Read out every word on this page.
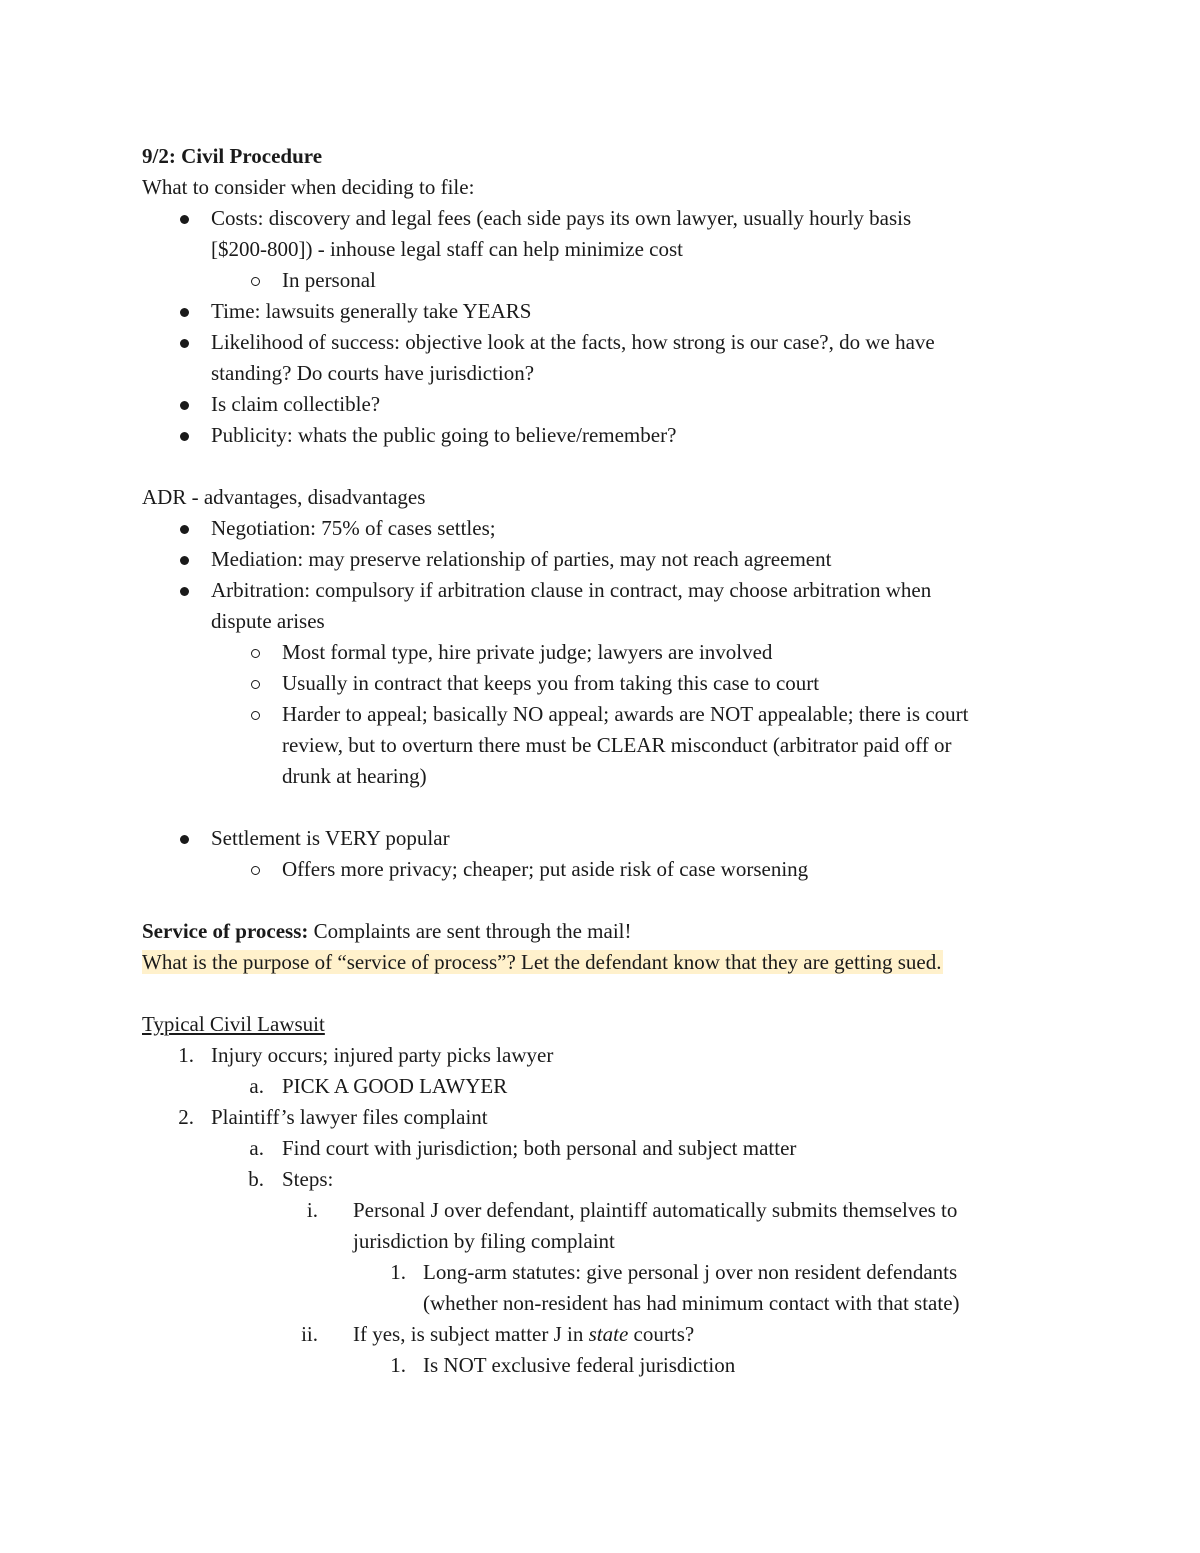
9/2: Civil Procedure
What to consider when deciding to file:
Costs: discovery and legal fees (each side pays its own lawyer, usually hourly basis
[$200-800]) - inhouse legal staff can help minimize cost
In personal
Time: lawsuits generally take YEARS
Likelihood of success: objective look at the facts, how strong is our case?, do we have
standing? Do courts have jurisdiction?
Is claim collectible?
Publicity: whats the public going to believe/remember?
ADR - advantages, disadvantages
Negotiation: 75% of cases settles;
Mediation: may preserve relationship of parties, may not reach agreement
Arbitration: compulsory if arbitration clause in contract, may choose arbitration when
dispute arises
Most formal type, hire private judge; lawyers are involved
Usually in contract that keeps you from taking this case to court
Harder to appeal; basically NO appeal; awards are NOT appealable; there is court
review, but to overturn there must be CLEAR misconduct (arbitrator paid off or
drunk at hearing)
Settlement is VERY popular
Offers more privacy; cheaper; put aside risk of case worsening
Service of process: Complaints are sent through the mail!
What is the purpose of “service of process”? Let the defendant know that they are getting sued.
Typical Civil Lawsuit
1. Injury occurs; injured party picks lawyer
a. PICK A GOOD LAWYER
2. Plaintiff’s lawyer files complaint
a. Find court with jurisdiction; both personal and subject matter
b. Steps:
i. Personal J over defendant, plaintiff automatically submits themselves to
jurisdiction by filing complaint
1. Long-arm statutes: give personal j over non resident defendants
(whether non-resident has had minimum contact with that state)
ii. If yes, is subject matter J in state courts?
1. Is NOT exclusive federal jurisdiction
